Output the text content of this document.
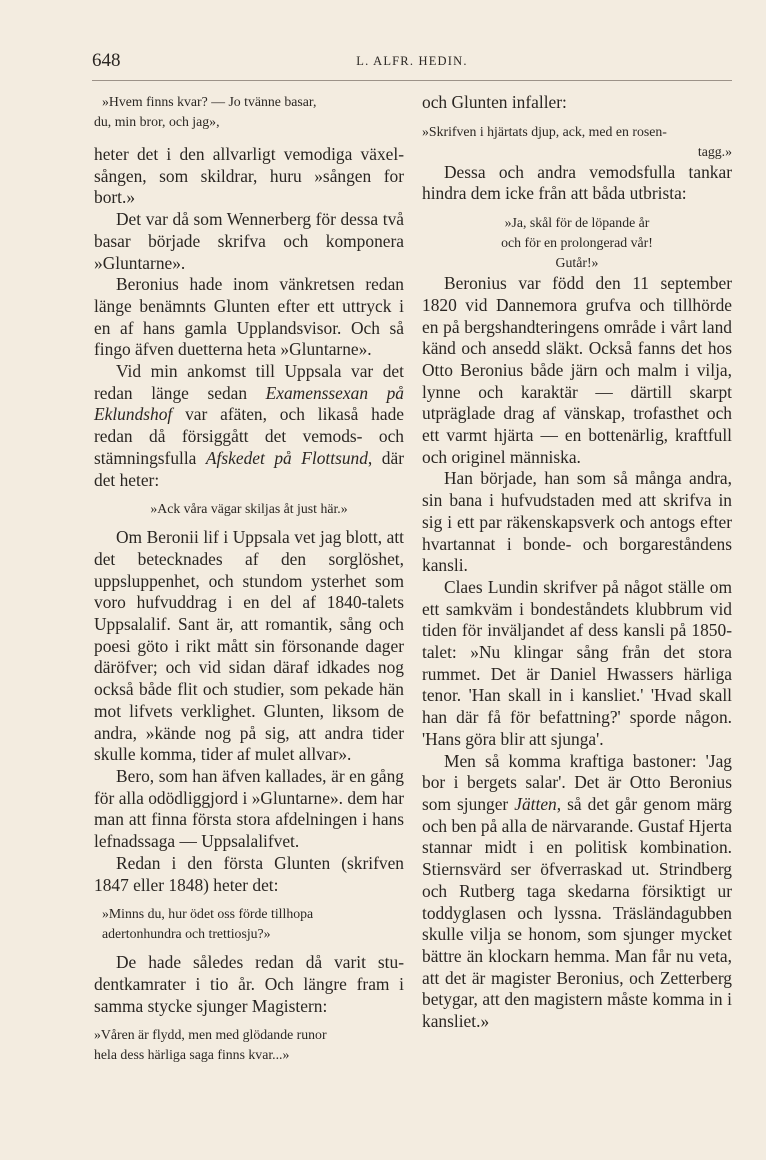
648	L. ALFR. HEDIN.

»Hvem finns kvar? — Jo tvänne basar,

du, min bror, och jag»,

heter det i den allvarligt vemodiga växelsången, som skildrar, huru »sången for bort.»

Det var då som Wennerberg för dessa två basar började skrifva och komponera »Gluntarne».

Beronius hade inom vänkretsen redan länge benämnts Glunten efter ett uttryck i en af hans gamla Upplandsvisor. Och så fingo äfven duetterna heta »Gluntarne».

Vid min ankomst till Uppsala var det redan länge sedan Examenssexan på Eklundshof var afäten, och likaså hade redan då försiggått det vemods- och stämningsfulla Afskedet på Flottsund, där det heter:

»Ack våra vägar skiljas åt just här.»

Om Beronii lif i Uppsala vet jag blott, att det betecknades af den sorglöshet, uppsluppenhet, och stundom ysterhet som voro hufvuddrag i en del af 1840-talets Uppsalalif. Sant är, att romantik, sång och poesi göto i rikt mått sin försonande dager däröfver; och vid sidan däraf idkades nog också både flit och studier, som pekade hän mot lifvets verklighet. Glunten, liksom de andra, »kände nog på sig, att andra tider skulle komma, tider af mulet allvar».

Bero, som han äfven kallades, är en gång för alla odödliggjord i »Gluntarne». dem har man att finna första stora afdelningen i hans lefnadssaga — Uppsalalifvet.

Redan i den första Glunten (skrifven 1847 eller 1848) heter det:

»Minns du, hur ödet oss förde tillhopa

adertonhundra och trettiosju?»

De hade således redan då varit studentkamrater i tio år. Och längre fram i samma stycke sjunger Magistern:

»Våren är flydd, men med glödande runor

hela dess härliga saga finns kvar...»

och Glunten infaller:

»Skrifven i hjärtats djup, ack, med en rosen-

tagg.»

Dessa och andra vemodsfulla tankar hindra dem icke från att båda utbrista:

»Ja, skål för de löpande år

och för en prolongerad vår!

Gutår!»

Beronius var född den 11 september 1820 vid Dannemora grufva och tillhörde en på bergshandteringens område i vårt land känd och ansedd släkt. Också fanns det hos Otto Beronius både järn och malm i vilja, lynne och karaktär — därtill skarpt utpräglade drag af vänskap, trofasthet och ett varmt hjärta — en bottenärlig, kraftfull och originel människa.

Han började, han som så många andra, sin bana i hufvudstaden med att skrifva in sig i ett par räkenskapsverk och antogs efter hvartannat i bonde- och borgareståndens kansli.

Claes Lundin skrifver på något ställe om ett samkväm i bondeståndets klubbrum vid tiden för inväljandet af dess kansli på 1850-talet: »Nu klingar sång från det stora rummet. Det är Daniel Hwassers härliga tenor. 'Han skall in i kansliet.' 'Hvad skall han där få för befattning?' sporde någon. 'Hans göra blir att sjunga'.

Men så komma kraftiga bastoner: 'Jag bor i bergets salar'. Det är Otto Beronius som sjunger Jätten, så det går genom märg och ben på alla de närvarande. Gustaf Hjerta stannar midt i en politisk kombination. Stiernsvärd ser öfverraskad ut. Strindberg och Rutberg taga skedarna försiktigt ur toddyglasen och lyssna. Träsländagubben skulle vilja se honom, som sjunger mycket bättre än klockarn hemma. Man får nu veta, att det är magister Beronius, och Zetterberg betygar, att den magistern måste komma in i kansliet.»
